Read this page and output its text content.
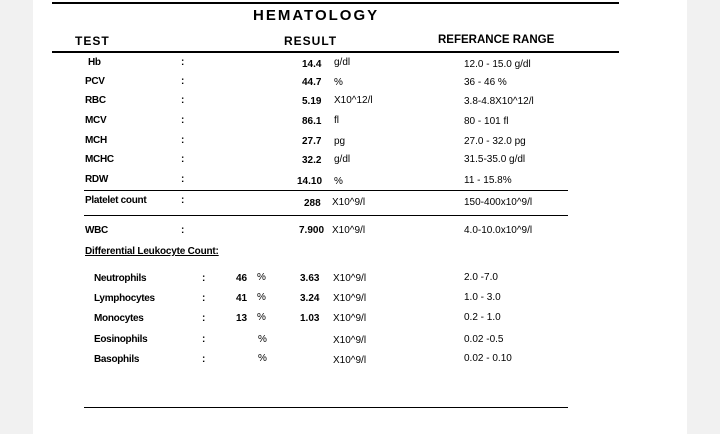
HEMATOLOGY
TEST	RESULT	REFERANCE RANGE
Hb	:	14.4 g/dl	12.0 - 15.0 g/dl
PCV	:	44.7 %	36 - 46 %
RBC	:	5.19 X10^12/l	3.8-4.8X10^12/l
MCV	:	86.1 fl	80 - 101 fl
MCH	:	27.7 pg	27.0 - 32.0 pg
MCHC	:	32.2 g/dl	31.5-35.0 g/dl
RDW	:	14.10 %	11 - 15.8%
Platelet count	:	288 X10^9/l	150-400x10^9/l
WBC	:	7.900 X10^9/l	4.0-10.0x10^9/l
Differential Leukocyte Count:
Neutrophils	:	46 %	3.63 X10^9/l	2.0 -7.0
Lymphocytes	:	41 %	3.24 X10^9/l	1.0 - 3.0
Monocytes	:	13 %	1.03 X10^9/l	0.2 - 1.0
Eosinophils	:	%	X10^9/l	0.02 -0.5
Basophils	:	%	X10^9/l	0.02 - 0.10
